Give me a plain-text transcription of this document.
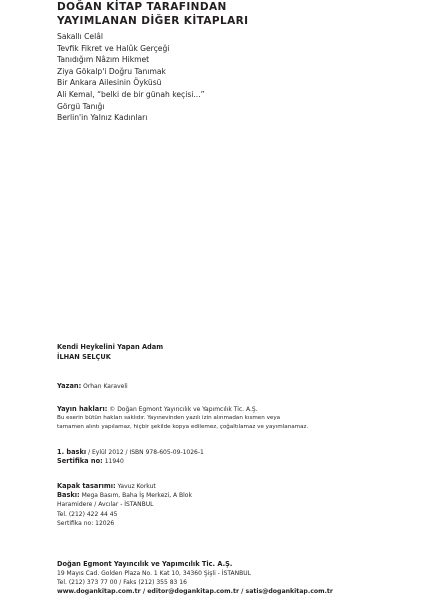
DOĞAN KİTAP TARAFINDAN
YAYIMLANAN DİĞER KİTAPLARI
Sakallı Celâl
Tevfik Fikret ve Halûk Gerçeği
Tanıdığım Nâzım Hikmet
Ziya Gökalp'i Doğru Tanımak
Bir Ankara Ailesinin Öyküsü
Ali Kemal, “belki de bir günah keçisi...”
Görgü Tanığı
Berlin'in Yalnız Kadınları

Kendi Heykelini Yapan Adam

İLHAN SELÇUK

Yazan: Orhan Karaveli

Yayın hakları: © Doğan Egmont Yayıncılık ve Yapımcılık Tic. A.Ş.

Bu eserin bütün hakları saklıdır. Yayınevinden yazılı izin alınmadan kısmen veya

tamamen alıntı yapılamaz, hiçbir şekilde kopya edilemez, çoğaltılamaz ve yayımlanamaz.

1. baskı / Eylül 2012 / ISBN 978-605-09-1026-1

Sertifika no: 11940

Kapak tasarımı: Yavuz Korkut

Baskı: Mega Basım, Baha İş Merkezi, A Blok

Haramidere / Avcılar - İSTANBUL

Tel. (212) 422 44 45

Sertifika no: 12026

Doğan Egmont Yayıncılık ve Yapımcılık Tic. A.Ş.

19 Mayıs Cad. Golden Plaza No. 1 Kat 10, 34360 Şişli - İSTANBUL

Tel. (212) 373 77 00 / Faks (212) 355 83 16

www.dogankitap.com.tr / editor@dogankitap.com.tr / satis@dogankitap.com.tr
